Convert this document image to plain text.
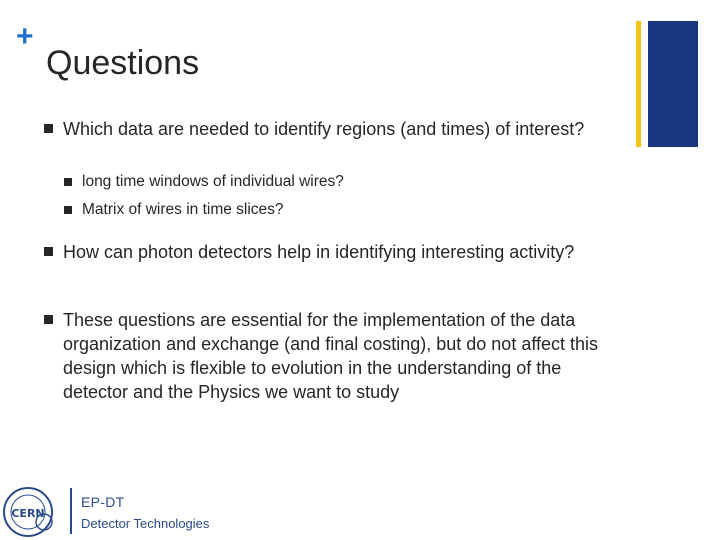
+
Questions
Which data are needed to identify regions (and times) of interest?
long time windows of individual wires?
Matrix of wires in time slices?
How can photon detectors help in identifying interesting activity?
These questions are essential for the implementation of the data organization and exchange (and final costing), but do not affect this design which is flexible to evolution in the understanding of the detector and the Physics we want to study
CERN
EP-DT
Detector Technologies
